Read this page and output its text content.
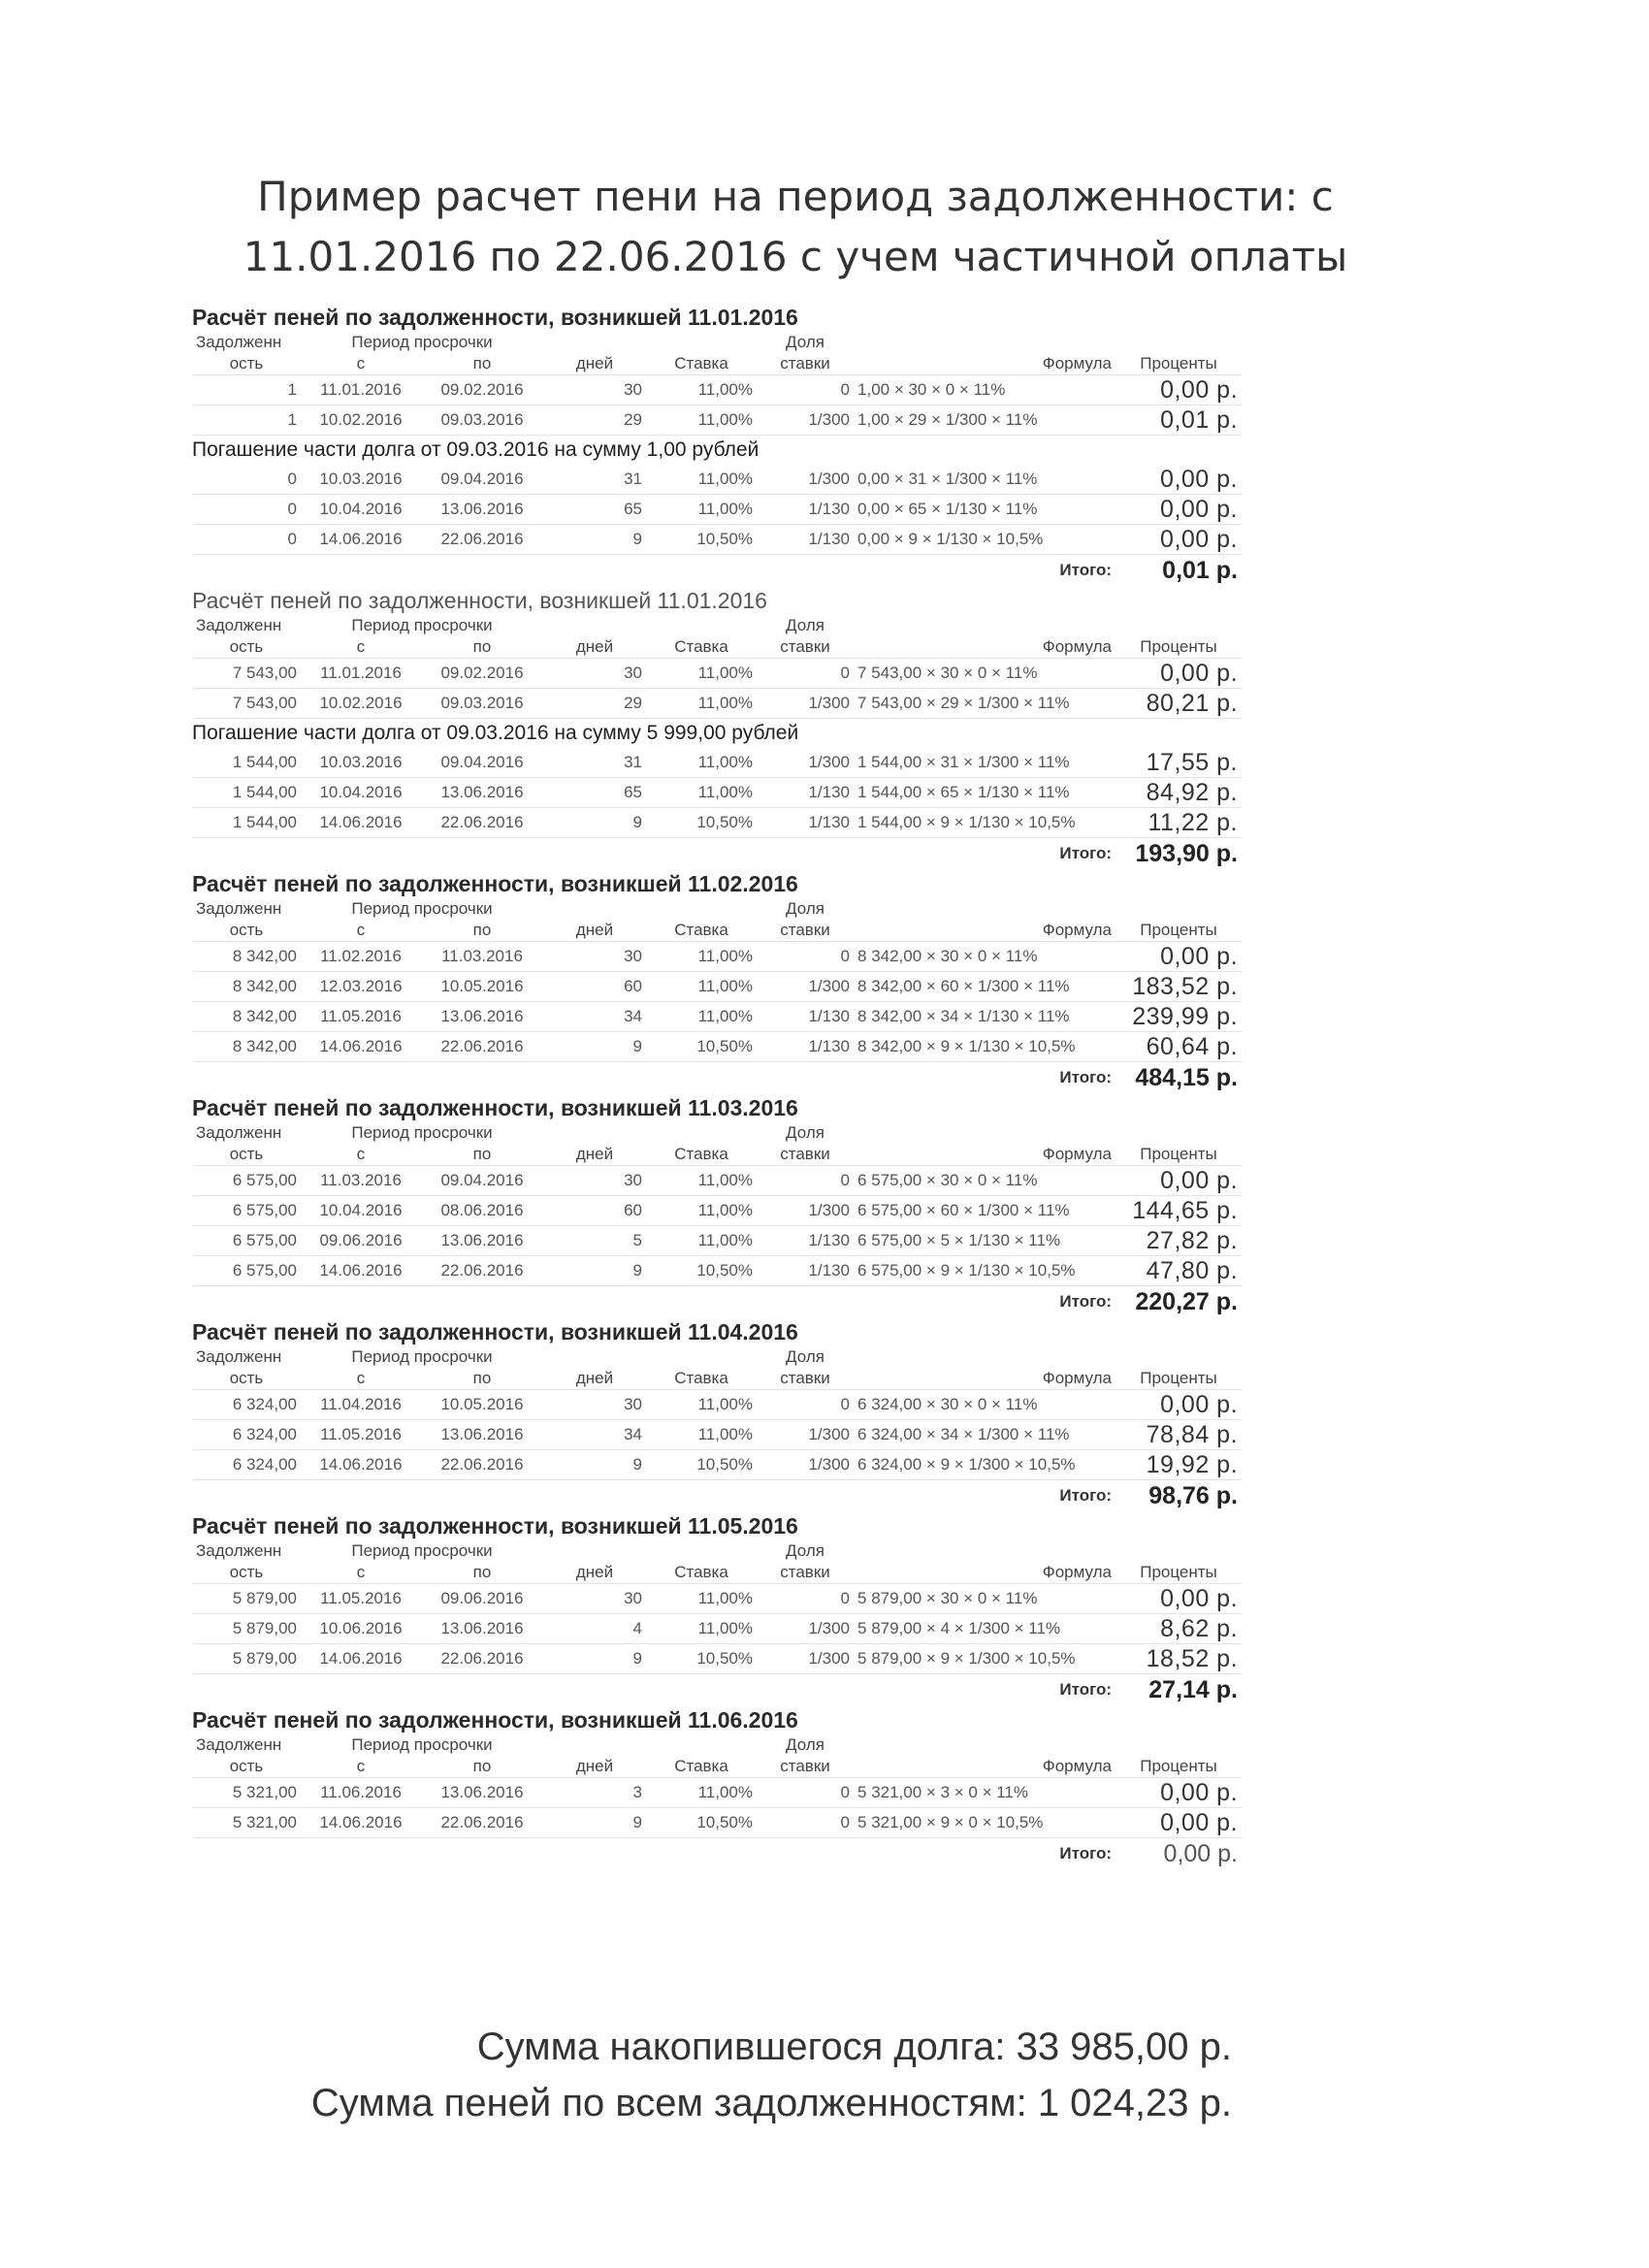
Пример расчет пени на период задолженности: с
11.01.2016 по 22.06.2016 с учем частичной оплаты
Расчёт пеней по задолженности, возникшей 11.01.2016
Задолженн	Период просрочки				Доля		
ость	с	по	дней	Ставка	ставки	Формула	Проценты
1	11.01.2016	09.02.2016	30	11,00%	0	1,00 × 30 × 0 × 11%	0,00 р.
1	10.02.2016	09.03.2016	29	11,00%	1/300	1,00 × 29 × 1/300 × 11%	0,01 р.
Погашение части долга от 09.03.2016 на сумму 1,00 рублей
0	10.03.2016	09.04.2016	31	11,00%	1/300	0,00 × 31 × 1/300 × 11%	0,00 р.
0	10.04.2016	13.06.2016	65	11,00%	1/130	0,00 × 65 × 1/130 × 11%	0,00 р.
0	14.06.2016	22.06.2016	9	10,50%	1/130	0,00 × 9 × 1/130 × 10,5%	0,00 р.
						Итого:	0,01 р.
Расчёт пеней по задолженности, возникшей 11.01.2016
Задолженн	Период просрочки				Доля		
ость	с	по	дней	Ставка	ставки	Формула	Проценты
7 543,00	11.01.2016	09.02.2016	30	11,00%	0	7 543,00 × 30 × 0 × 11%	0,00 р.
7 543,00	10.02.2016	09.03.2016	29	11,00%	1/300	7 543,00 × 29 × 1/300 × 11%	80,21 р.
Погашение части долга от 09.03.2016 на сумму 5 999,00 рублей
1 544,00	10.03.2016	09.04.2016	31	11,00%	1/300	1 544,00 × 31 × 1/300 × 11%	17,55 р.
1 544,00	10.04.2016	13.06.2016	65	11,00%	1/130	1 544,00 × 65 × 1/130 × 11%	84,92 р.
1 544,00	14.06.2016	22.06.2016	9	10,50%	1/130	1 544,00 × 9 × 1/130 × 10,5%	11,22 р.
						Итого:	193,90 р.
Расчёт пеней по задолженности, возникшей 11.02.2016
Задолженн	Период просрочки				Доля		
ость	с	по	дней	Ставка	ставки	Формула	Проценты
8 342,00	11.02.2016	11.03.2016	30	11,00%	0	8 342,00 × 30 × 0 × 11%	0,00 р.
8 342,00	12.03.2016	10.05.2016	60	11,00%	1/300	8 342,00 × 60 × 1/300 × 11%	183,52 р.
8 342,00	11.05.2016	13.06.2016	34	11,00%	1/130	8 342,00 × 34 × 1/130 × 11%	239,99 р.
8 342,00	14.06.2016	22.06.2016	9	10,50%	1/130	8 342,00 × 9 × 1/130 × 10,5%	60,64 р.
						Итого:	484,15 р.
Расчёт пеней по задолженности, возникшей 11.03.2016
Задолженн	Период просрочки				Доля		
ость	с	по	дней	Ставка	ставки	Формула	Проценты
6 575,00	11.03.2016	09.04.2016	30	11,00%	0	6 575,00 × 30 × 0 × 11%	0,00 р.
6 575,00	10.04.2016	08.06.2016	60	11,00%	1/300	6 575,00 × 60 × 1/300 × 11%	144,65 р.
6 575,00	09.06.2016	13.06.2016	5	11,00%	1/130	6 575,00 × 5 × 1/130 × 11%	27,82 р.
6 575,00	14.06.2016	22.06.2016	9	10,50%	1/130	6 575,00 × 9 × 1/130 × 10,5%	47,80 р.
						Итого:	220,27 р.
Расчёт пеней по задолженности, возникшей 11.04.2016
Задолженн	Период просрочки				Доля		
ость	с	по	дней	Ставка	ставки	Формула	Проценты
6 324,00	11.04.2016	10.05.2016	30	11,00%	0	6 324,00 × 30 × 0 × 11%	0,00 р.
6 324,00	11.05.2016	13.06.2016	34	11,00%	1/300	6 324,00 × 34 × 1/300 × 11%	78,84 р.
6 324,00	14.06.2016	22.06.2016	9	10,50%	1/300	6 324,00 × 9 × 1/300 × 10,5%	19,92 р.
						Итого:	98,76 р.
Расчёт пеней по задолженности, возникшей 11.05.2016
Задолженн	Период просрочки				Доля		
ость	с	по	дней	Ставка	ставки	Формула	Проценты
5 879,00	11.05.2016	09.06.2016	30	11,00%	0	5 879,00 × 30 × 0 × 11%	0,00 р.
5 879,00	10.06.2016	13.06.2016	4	11,00%	1/300	5 879,00 × 4 × 1/300 × 11%	8,62 р.
5 879,00	14.06.2016	22.06.2016	9	10,50%	1/300	5 879,00 × 9 × 1/300 × 10,5%	18,52 р.
						Итого:	27,14 р.
Расчёт пеней по задолженности, возникшей 11.06.2016
Задолженн	Период просрочки				Доля		
ость	с	по	дней	Ставка	ставки	Формула	Проценты
5 321,00	11.06.2016	13.06.2016	3	11,00%	0	5 321,00 × 3 × 0 × 11%	0,00 р.
5 321,00	14.06.2016	22.06.2016	9	10,50%	0	5 321,00 × 9 × 0 × 10,5%	0,00 р.
						Итого:	0,00 р.
Сумма накопившегося долга: 33 985,00 р.
Сумма пеней по всем задолженностям: 1 024,23 р.
